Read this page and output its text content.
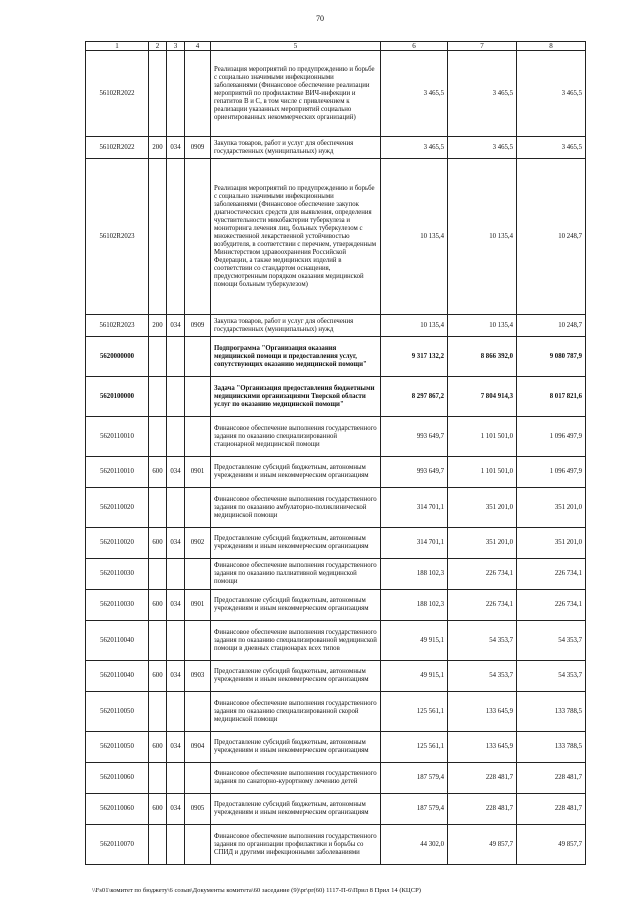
70
1	2	3	4	5	6	7	8
56102R2022				Реализация мероприятий по предупреждению и борьбе с социально значимыми инфекционными заболеваниями (Финансовое обеспечение реализации мероприятий по профилактике ВИЧ-инфекции и гепатитов B и C, в том числе с привлечением к реализации указанных мероприятий социально ориентированных некоммерческих организаций)	3 465,5	3 465,5	3 465,5
56102R2022	200	034	0909	Закупка товаров, работ и услуг для обеспечения государственных (муниципальных) нужд	3 465,5	3 465,5	3 465,5
56102R2023				Реализация мероприятий по предупреждению и борьбе с социально значимыми инфекционными заболеваниями (Финансовое обеспечение закупок диагностических средств для выявления, определения чувствительности микобактерии туберкулеза и мониторинга лечения лиц, больных туберкулезом с множественной лекарственной устойчивостью возбудителя, в соответствии с перечнем, утвержденным Министерством здравоохранения Российской Федерации, а также медицинских изделий в соответствии со стандартом оснащения, предусмотренным порядком оказания медицинской помощи больным туберкулезом)	10 135,4	10 135,4	10 248,7
56102R2023	200	034	0909	Закупка товаров, работ и услуг для обеспечения государственных (муниципальных) нужд	10 135,4	10 135,4	10 248,7
5620000000				Подпрограмма "Организация оказания медицинской помощи и предоставления услуг, сопутствующих оказанию медицинской помощи"	9 317 132,2	8 866 392,0	9 080 787,9
5620100000				Задача "Организация предоставления бюджетными медицинскими организациями Тверской области услуг по оказанию медицинской помощи"	8 297 867,2	7 804 914,3	8 017 821,6
5620110010				Финансовое обеспечение выполнения государственного задания по оказанию специализированной стационарной медицинской помощи	993 649,7	1 101 501,0	1 096 497,9
5620110010	600	034	0901	Предоставление субсидий бюджетным, автономным учреждениям и иным некоммерческим организациям	993 649,7	1 101 501,0	1 096 497,9
5620110020				Финансовое обеспечение выполнения государственного задания по оказанию амбулаторно-поликлинической медицинской помощи	314 701,1	351 201,0	351 201,0
5620110020	600	034	0902	Предоставление субсидий бюджетным, автономным учреждениям и иным некоммерческим организациям	314 701,1	351 201,0	351 201,0
5620110030				Финансовое обеспечение выполнения государственного задания по оказанию паллиативной медицинской помощи	188 102,3	226 734,1	226 734,1
5620110030	600	034	0901	Предоставление субсидий бюджетным, автономным учреждениям и иным некоммерческим организациям	188 102,3	226 734,1	226 734,1
5620110040				Финансовое обеспечение выполнения государственного задания по оказанию специализированной медицинской помощи в дневных стационарах всех типов	49 915,1	54 353,7	54 353,7
5620110040	600	034	0903	Предоставление субсидий бюджетным, автономным учреждениям и иным некоммерческим организациям	49 915,1	54 353,7	54 353,7
5620110050				Финансовое обеспечение выполнения государственного задания по оказанию специализированной скорой медицинской помощи	125 561,1	133 645,9	133 788,5
5620110050	600	034	0904	Предоставление субсидий бюджетным, автономным учреждениям и иным некоммерческим организациям	125 561,1	133 645,9	133 788,5
5620110060				Финансовое обеспечение выполнения государственного задания по санаторно-курортному лечению детей	187 579,4	228 481,7	228 481,7
5620110060	600	034	0905	Предоставление субсидий бюджетным, автономным учреждениям и иным некоммерческим организациям	187 579,4	228 481,7	228 481,7
5620110070				Финансовое обеспечение выполнения государственного задания по организации профилактики и борьбы со СПИД и другими инфекционными заболеваниями	44 302,0	49 857,7	49 857,7
\\Fs01\комитет по бюджету\6 созыв\Документы комитета\60 заседание (9)\pr\pr(60) 1117-П-6\Прил 8 Прил 14 (КЦСР)
